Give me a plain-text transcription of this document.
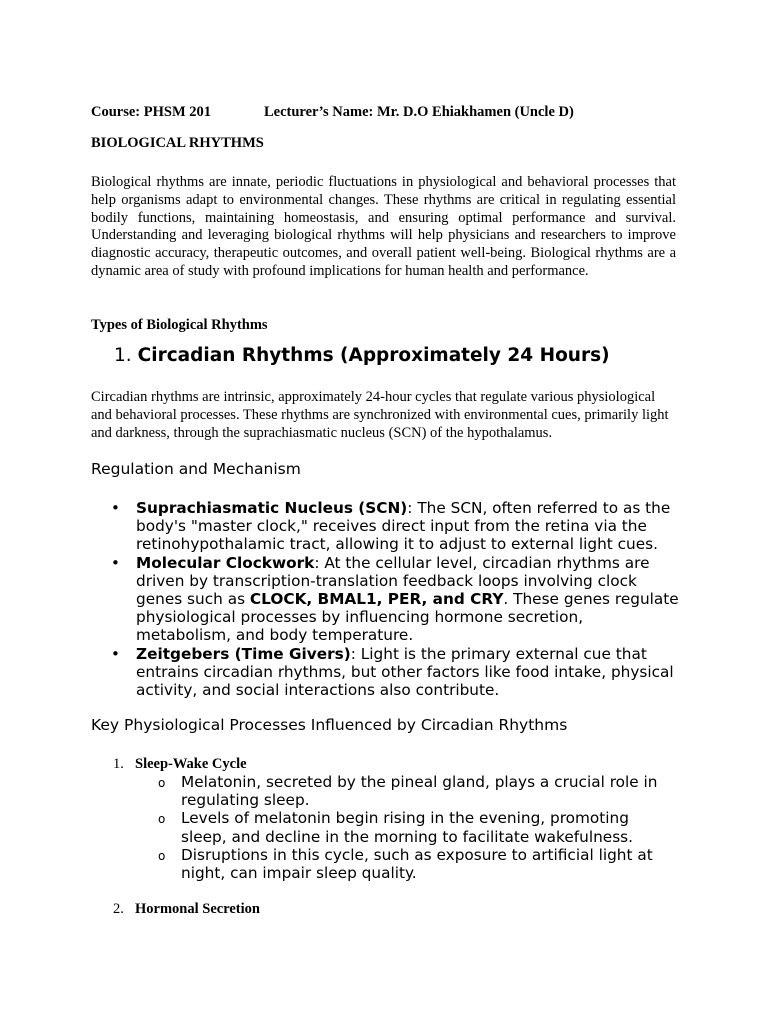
Course: PHSM 201	Lecturer’s Name: Mr. D.O Ehiakhamen (Uncle D)
BIOLOGICAL RHYTHMS
Biological rhythms are innate, periodic fluctuations in physiological and behavioral processes that help organisms adapt to environmental changes. These rhythms are critical in regulating essential bodily functions, maintaining homeostasis, and ensuring optimal performance and survival. Understanding and leveraging biological rhythms will help physicians and researchers to improve diagnostic accuracy, therapeutic outcomes, and overall patient well-being. Biological rhythms are a dynamic area of study with profound implications for human health and performance.
Types of Biological Rhythms
1. Circadian Rhythms (Approximately 24 Hours)
Circadian rhythms are intrinsic, approximately 24-hour cycles that regulate various physiological and behavioral processes. These rhythms are synchronized with environmental cues, primarily light and darkness, through the suprachiasmatic nucleus (SCN) of the hypothalamus.
Regulation and Mechanism
• Suprachiasmatic Nucleus (SCN): The SCN, often referred to as the body's "master clock," receives direct input from the retina via the retinohypothalamic tract, allowing it to adjust to external light cues.
• Molecular Clockwork: At the cellular level, circadian rhythms are driven by transcription-translation feedback loops involving clock genes such as CLOCK, BMAL1, PER, and CRY. These genes regulate physiological processes by influencing hormone secretion, metabolism, and body temperature.
• Zeitgebers (Time Givers): Light is the primary external cue that entrains circadian rhythms, but other factors like food intake, physical activity, and social interactions also contribute.
Key Physiological Processes Influenced by Circadian Rhythms
1. Sleep-Wake Cycle
o Melatonin, secreted by the pineal gland, plays a crucial role in regulating sleep.
o Levels of melatonin begin rising in the evening, promoting sleep, and decline in the morning to facilitate wakefulness.
o Disruptions in this cycle, such as exposure to artificial light at night, can impair sleep quality.
2. Hormonal Secretion
